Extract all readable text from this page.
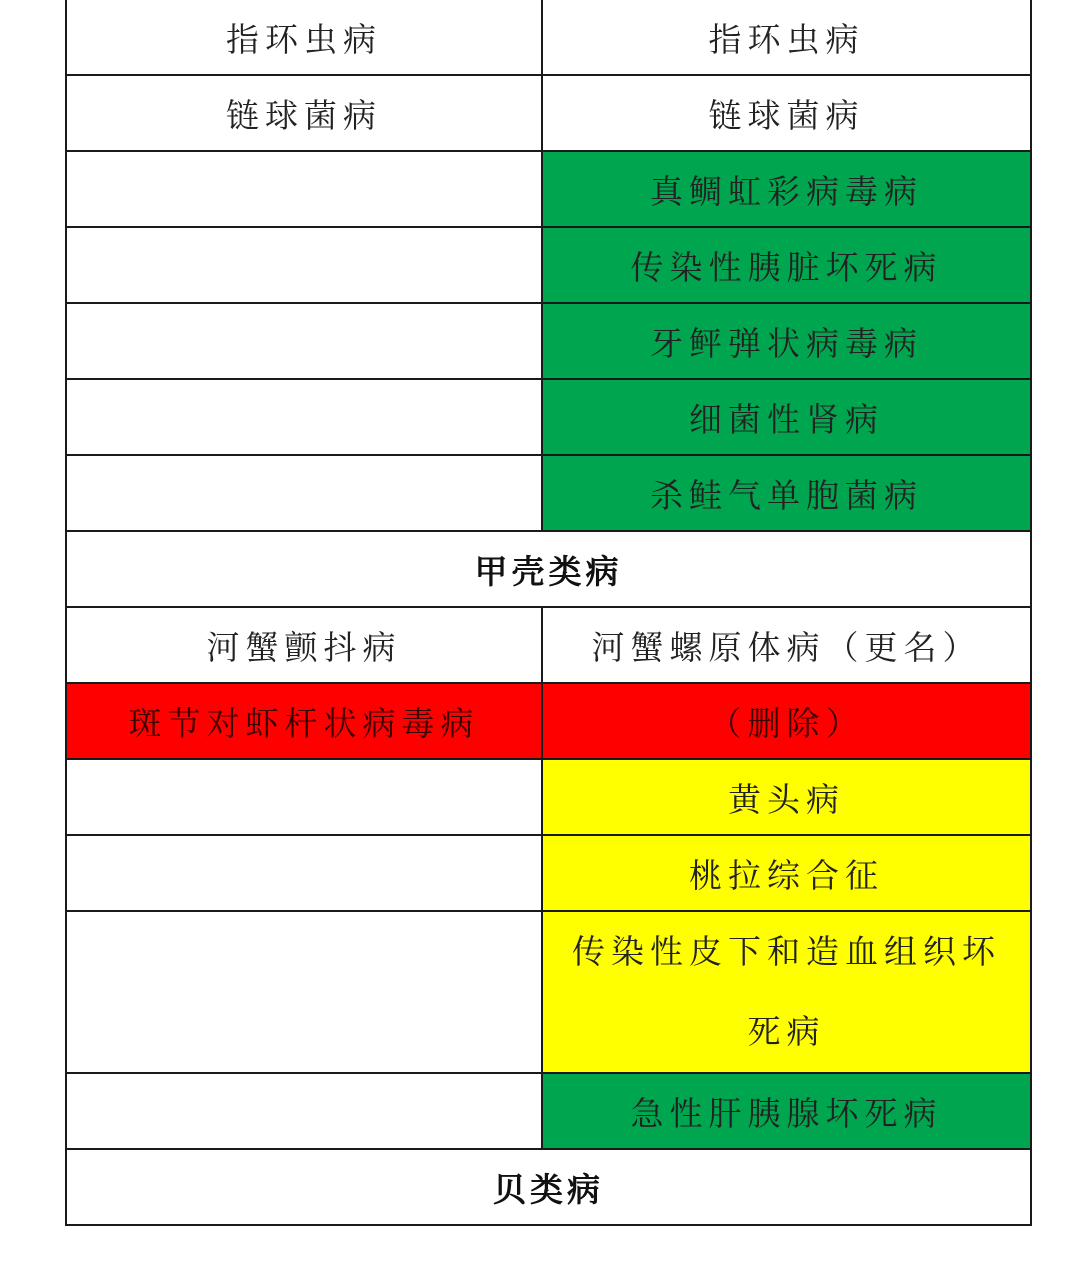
指环虫病	指环虫病
链球菌病	链球菌病
	真鲷虹彩病毒病
	传染性胰脏坏死病
	牙鲆弹状病毒病
	细菌性肾病
	杀鲑气单胞菌病
甲壳类病	
河蟹颤抖病	河蟹螺原体病（更名）
斑节对虾杆状病毒病	（删除）
	黄头病
	桃拉综合征
	传染性皮下和造血组织坏死病
	急性肝胰腺坏死病
贝类病	
